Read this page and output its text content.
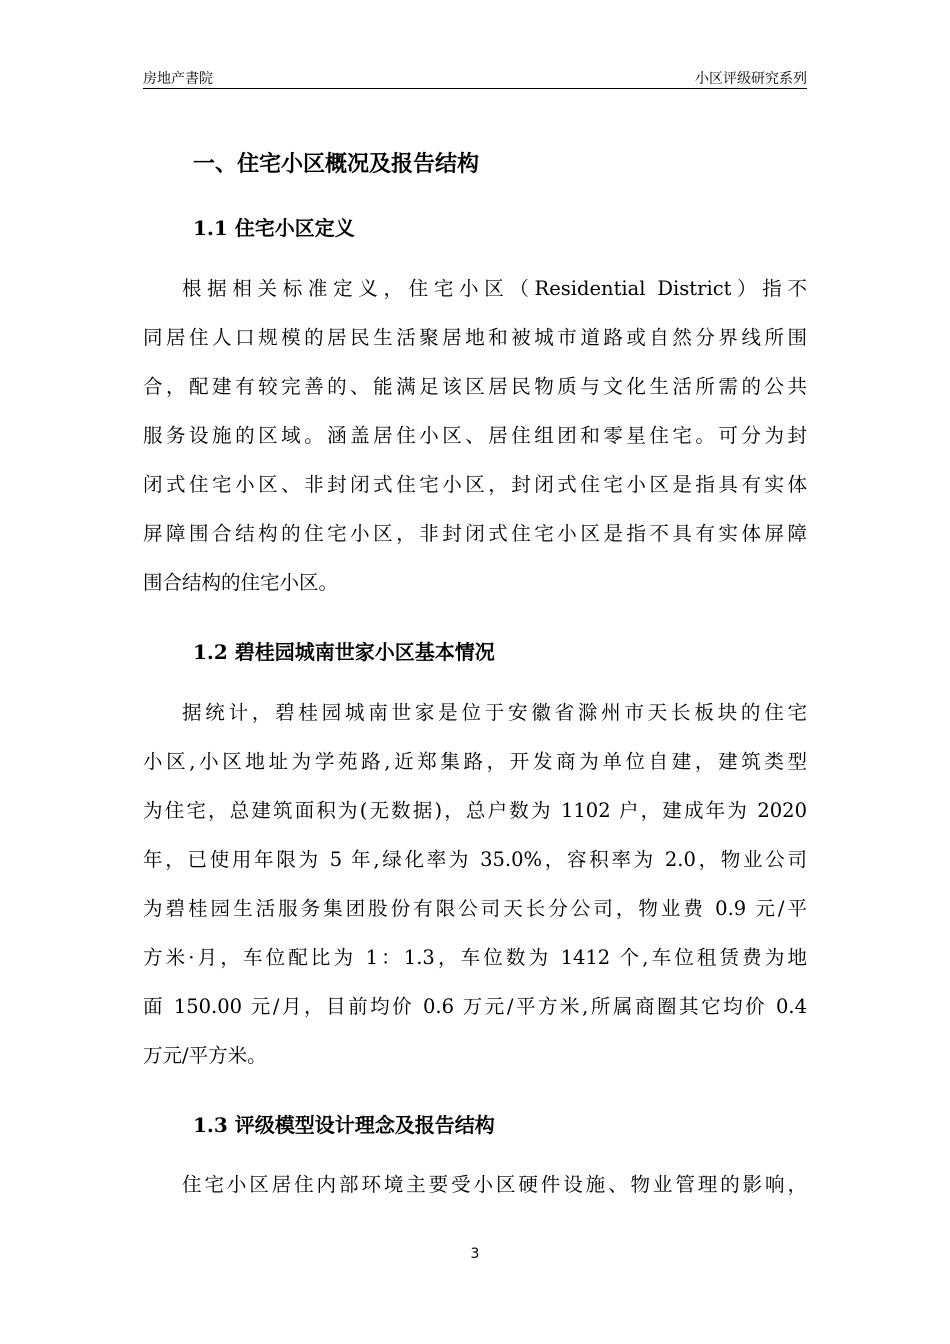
房地产書院	小区评级研究系列
一、住宅小区概况及报告结构
1.1 住宅小区定义
根据相关标准定义，住宅小区（Residential District）指不
同居住人口规模的居民生活聚居地和被城市道路或自然分界线所围
合，配建有较完善的、能满足该区居民物质与文化生活所需的公共
服务设施的区域。涵盖居住小区、居住组团和零星住宅。可分为封
闭式住宅小区、非封闭式住宅小区，封闭式住宅小区是指具有实体
屏障围合结构的住宅小区，非封闭式住宅小区是指不具有实体屏障
围合结构的住宅小区。
1.2 碧桂园城南世家小区基本情况
据统计，碧桂园城南世家是位于安徽省滁州市天长板块的住宅
小区,小区地址为学苑路,近郑集路，开发商为单位自建，建筑类型
为住宅，总建筑面积为(无数据)，总户数为 1102 户，建成年为 2020
年，已使用年限为 5 年,绿化率为 35.0%，容积率为 2.0，物业公司
为碧桂园生活服务集团股份有限公司天长分公司，物业费 0.9 元/平
方米·月，车位配比为 1：1.3，车位数为 1412 个,车位租赁费为地
面 150.00 元/月，目前均价 0.6 万元/平方米,所属商圈其它均价 0.4
万元/平方米。
1.3 评级模型设计理念及报告结构
住宅小区居住内部环境主要受小区硬件设施、物业管理的影响，
3
